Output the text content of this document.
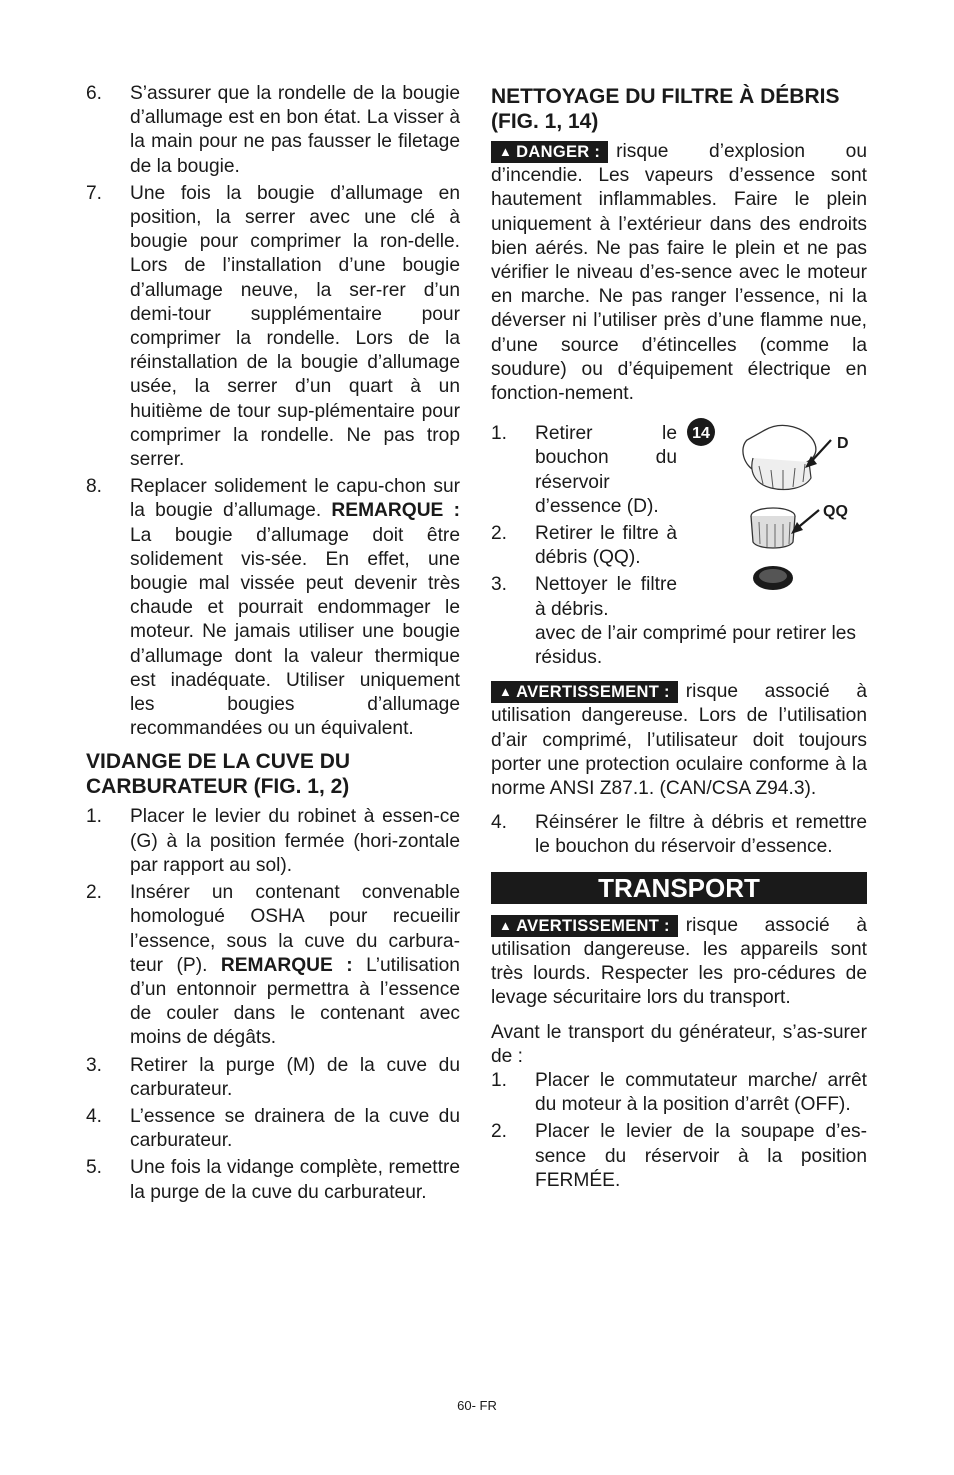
6.	S’assurer que la rondelle de la bougie d’allumage est en bon état. La visser à la main pour ne pas fausser le filetage de la bougie.
7.	Une fois la bougie d’allumage en position, la serrer avec une clé à bougie pour comprimer la ron-delle. Lors de l’installation d’une bougie d’allumage neuve, la ser-rer d’un demi-tour supplémentaire pour comprimer la rondelle. Lors de la réinstallation de la bougie d’allumage usée, la serrer d’un quart à un huitième de tour sup-plémentaire pour comprimer la rondelle. Ne pas trop serrer.
8.	Replacer solidement le capu-chon sur la bougie d’allumage. REMARQUE : La bougie d’allumage doit être solidement vis-sée. En effet, une bougie mal vissée peut devenir très chaude et pourrait endommager le moteur. Ne jamais utiliser une bougie d’allumage dont la valeur thermique est inadéquate. Utiliser uniquement les bougies d’allumage recommandées ou un équivalent.
VIDANGE DE LA CUVE DU CARBURATEUR (FIG. 1, 2)
1.	Placer le levier du robinet à essen-ce (G) à la position fermée (hori-zontale par rapport au sol).
2.	Insérer un contenant convenable homologué OSHA pour recueilir l’essence, sous la cuve du carbura-teur (P). REMARQUE : L’utilisation d’un entonnoir permettra à l’essence de couler dans le contenant avec moins de dégâts.
3.	Retirer la purge (M) de la cuve du carburateur.
4.	L’essence se drainera de la cuve du carburateur.
5.	Une fois la vidange complète, remettre la purge de la cuve du carburateur.
NETTOYAGE DU FILTRE À DÉBRIS (FIG. 1, 14)

▲ DANGER : risque d’explosion ou d’incendie. Les vapeurs d’essence sont hautement inflammables. Faire le plein uniquement à l’extérieur dans des endroits bien aérés. Ne pas faire le plein et ne pas vérifier le niveau d’es-sence avec le moteur en marche. Ne pas ranger l’essence, ni la déverser ni l’utiliser près d’une flamme nue, d’une source d’étincelles (comme la soudure) ou d’équipement électrique en fonction-nement.

1.	Retirer le bouchon du réservoir d’essence (D).
2.	Retirer le filtre à débris (QQ).
3.	Nettoyer le filtre à débris.
avec de l’air comprimé pour retirer les résidus.
14
D
QQ

▲ AVERTISSEMENT : risque associé à utilisation dangereuse. Lors de l’utilisation d’air comprimé, l’utilisateur doit toujours porter une protection oculaire conforme à la norme ANSI Z87.1. (CAN/CSA Z94.3).

4.	Réinsérer le filtre à débris et remettre le bouchon du réservoir d’essence.
TRANSPORT

▲ AVERTISSEMENT : risque associé à utilisation dangereuse. les appareils sont très lourds. Respecter les pro-cédures de levage sécuritaire lors du transport.

Avant le transport du générateur, s’as-surer de :

1.	Placer le commutateur marche/ arrêt du moteur à la position d’arrêt (OFF).
2.	Placer le levier de la soupape d’es-sence du réservoir à la position FERMÉE.
60- FR
